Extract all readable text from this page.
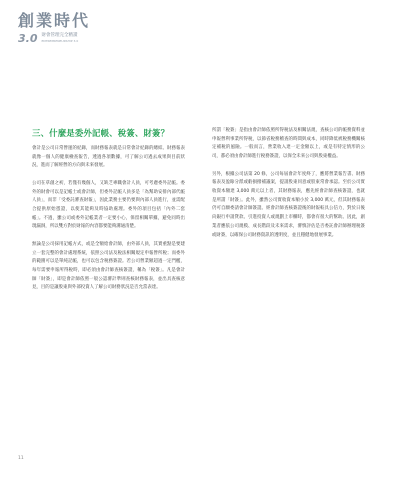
創業時代
3.0 財會管理完全精讀
ENTREPRENEURSHIP 3.0
三、什麼是委外記帳、稅簽、財簽？

會計是公司日常營運的紀錄，而財務報表就是日常會計紀錄的總結。財務報表就像一個人的健康檢查報告，透過各項數據，可了解公司過去成果與目前狀況，進而了解經營的方向與未來發展。

公司在草創之初，若僅有幾個人，又缺乏專職會計人員，可考慮委外記帳。委外的財會可以是記帳士或會計師，但委外記帳人員多是「為幫助安排內部代帳人員」，而非「受委託審查財報」，因此業務主要仍要與內部人員進行，並需配合提供原始憑證，以使其能夠及時協助處理。委外的項目包括「內外二套帳」。不過，雖公司或委外記帳業者一定要小心，保留相關單據，避免同時出現漏洞，所以雙方對於財報的內容都要能夠溝通清楚。

無論是公司採用記帳方式，或是全額給會計師，由外部人員，其實重點是要建立一套完整的會計處理系統，依照公司法及稅法相關規定申報營所稅；而委外的範圍可以是單純記帳，也可以包含稅務簽證。若公司營業額超過一定門檻，每年需要申報所得稅時，即必須由會計師查核簽證，稱為「稅簽」。凡是會計師「財簽」，即是會計師依照一般公認審計準則查核財務報表，並出具查核意見，目的是讓股東與外部投資人了解公司財務狀況是否允當表達。

所謂「稅簽」是指由會計師依照所得稅法及相關法規，查核公司的帳務資料並申報營利事業所得稅，以節省稅務稽查的時間與成本，同時降低被稅務機關核定補稅的風險。一般而言，營業收入達一定金額以上，或是有特定情形的公司，都必須由會計師進行稅務簽證，以保全未來公司與股東權益。

另外，根據公司法第 20 條，公司每屆會計年度終了，應將營業報告書、財務報表及盈餘分派或虧損撥補議案，提請股東同意或股東常會承認。至於公司實收資本額達 3,000 萬元以上者，其財務報表，應先經會計師查核簽證，也就是所謂「財簽」。此外，雖然公司實收資本額小於 3,000 萬元，但其財務報表仍可自願委請會計師簽證。經會計師查核簽證後的財報較具公信力，對於日後向銀行申請貸款、引進投資人或規劃上市櫃時，都會有很大的幫助。因此，創業者應依公司規模、成長階段及未來需求，審慎評估是否委託會計師辦理稅簽或財簽，以確保公司財務資訊的透明度，並且穩健地發展事業。

11
